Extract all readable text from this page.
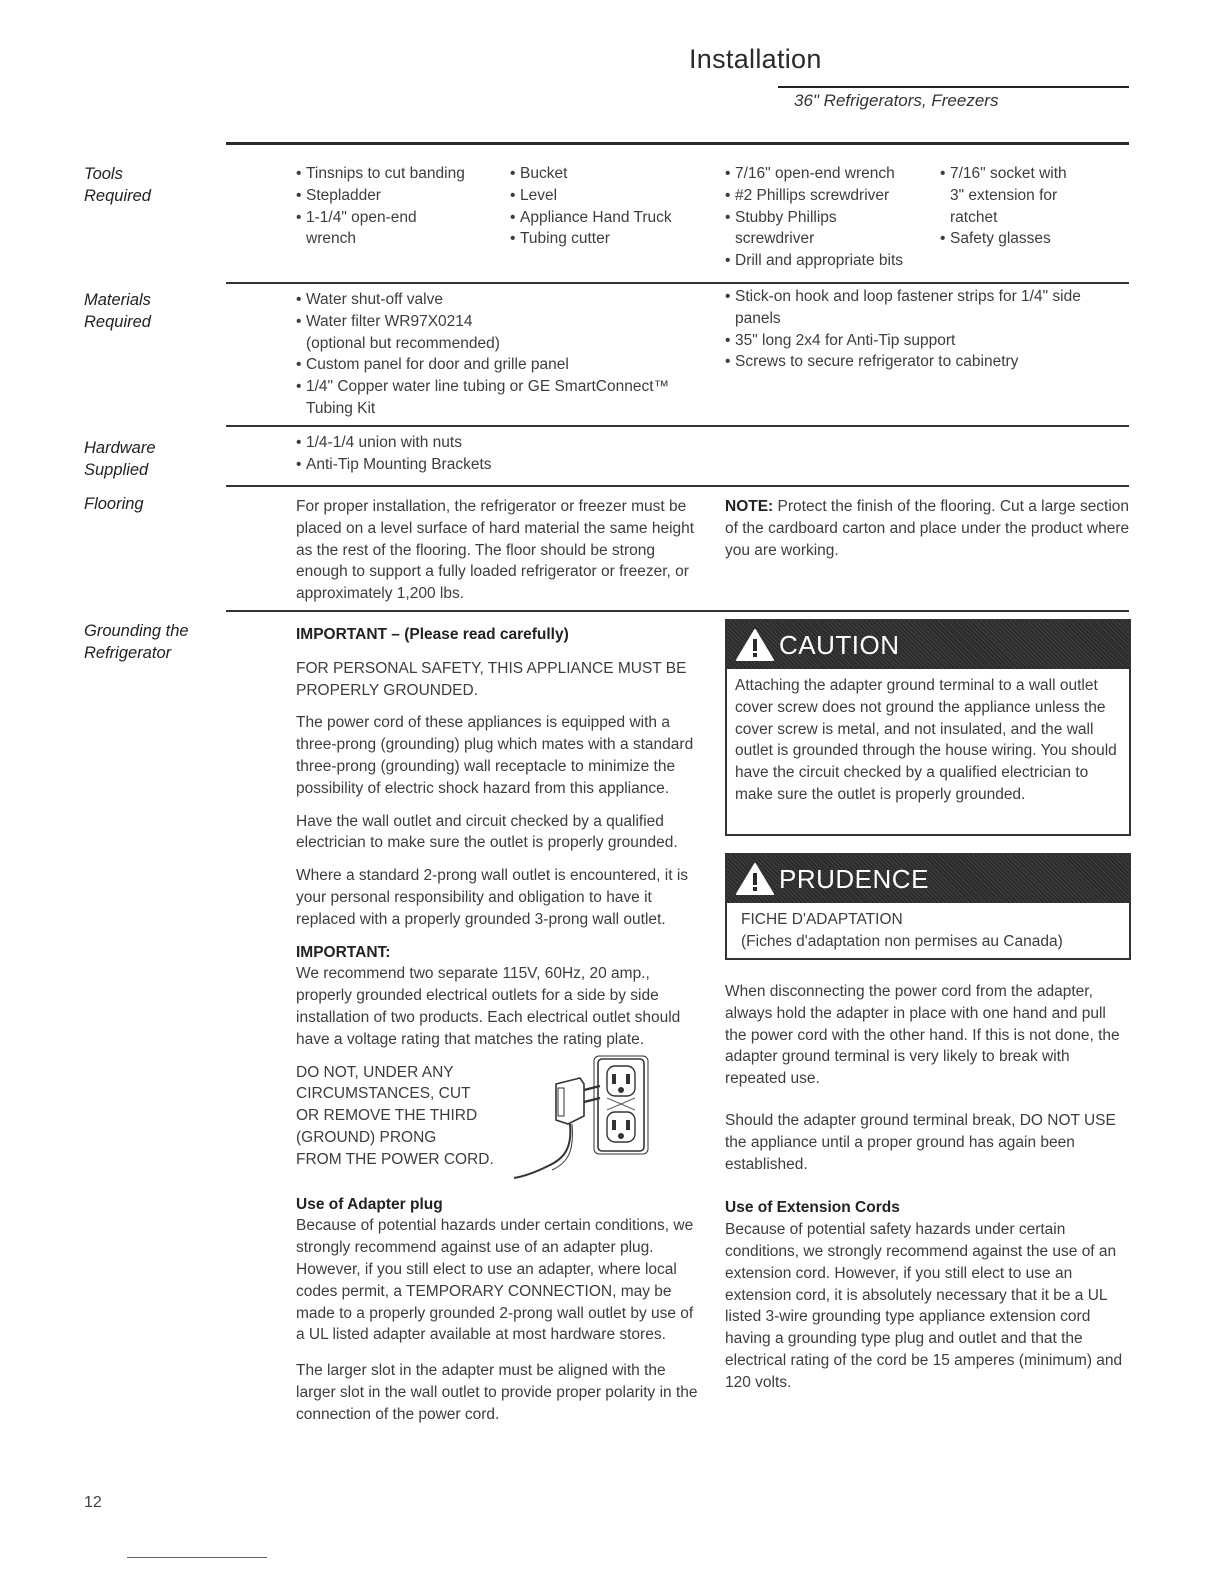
Installation
36" Refrigerators, Freezers
Tools
Required
• Tinsnips to cut banding
• Stepladder
• 1-1/4" open-end
wrench
• Bucket
• Level
• Appliance Hand Truck
• Tubing cutter
• 7/16" open-end wrench
• #2 Phillips screwdriver
• Stubby Phillips
screwdriver
• Drill and appropriate bits
• 7/16" socket with
3" extension for
ratchet
• Safety glasses
Materials
Required
• Water shut-off valve
• Water filter WR97X0214
(optional but recommended)
• Custom panel for door and grille panel
• 1/4" Copper water line tubing or GE SmartConnect™
Tubing Kit
• Stick-on hook and loop fastener strips for 1/4" side
panels
• 35" long 2x4 for Anti-Tip support
• Screws to secure refrigerator to cabinetry
Hardware
Supplied
• 1/4-1/4 union with nuts
• Anti-Tip Mounting Brackets
Flooring	For proper installation, the refrigerator or freezer must be placed on a level surface of hard material the same height as the rest of the flooring. The floor should be strong enough to support a fully loaded refrigerator or freezer, or approximately 1,200 lbs.
NOTE: Protect the finish of the flooring. Cut a large section of the cardboard carton and place under the product where you are working.
Grounding the
Refrigerator

IMPORTANT – (Please read carefully)

FOR PERSONAL SAFETY, THIS APPLIANCE MUST BE PROPERLY GROUNDED.

The power cord of these appliances is equipped with a three-prong (grounding) plug which mates with a standard three-prong (grounding) wall receptacle to minimize the possibility of electric shock hazard from this appliance.

Have the wall outlet and circuit checked by a qualified electrician to make sure the outlet is properly grounded.

Where a standard 2-prong wall outlet is encountered, it is your personal responsibility and obligation to have it replaced with a properly grounded 3-prong wall outlet.

IMPORTANT:

We recommend two separate 115V, 60Hz, 20 amp., properly grounded electrical outlets for a side by side installation of two products. Each electrical outlet should have a voltage rating that matches the rating plate.

DO NOT, UNDER ANY
CIRCUMSTANCES, CUT
OR REMOVE THE THIRD
(GROUND) PRONG
FROM THE POWER CORD.

Use of Adapter plug

Because of potential hazards under certain conditions, we strongly recommend against use of an adapter plug. However, if you still elect to use an adapter, where local codes permit, a TEMPORARY CONNECTION, may be made to a properly grounded 2-prong wall outlet by use of a UL listed adapter available at most hardware stores.

The larger slot in the adapter must be aligned with the larger slot in the wall outlet to provide proper polarity in the connection of the power cord.

CAUTION
Attaching the adapter ground terminal to a wall outlet cover screw does not ground the appliance unless the cover screw is metal, and not insulated, and the wall outlet is grounded through the house wiring. You should have the circuit checked by a qualified electrician to make sure the outlet is properly grounded.
PRUDENCE
FICHE D'ADAPTATION
(Fiches d'adaptation non permises au Canada)

When disconnecting the power cord from the adapter, always hold the adapter in place with one hand and pull the power cord with the other hand. If this is not done, the adapter ground terminal is very likely to break with repeated use.

Should the adapter ground terminal break, DO NOT USE the appliance until a proper ground has again been established.

Use of Extension Cords

Because of potential safety hazards under certain conditions, we strongly recommend against the use of an extension cord. However, if you still elect to use an extension cord, it is absolutely necessary that it be a UL listed 3-wire grounding type appliance extension cord having a grounding type plug and outlet and that the electrical rating of the cord be 15 amperes (minimum) and 120 volts.

12
